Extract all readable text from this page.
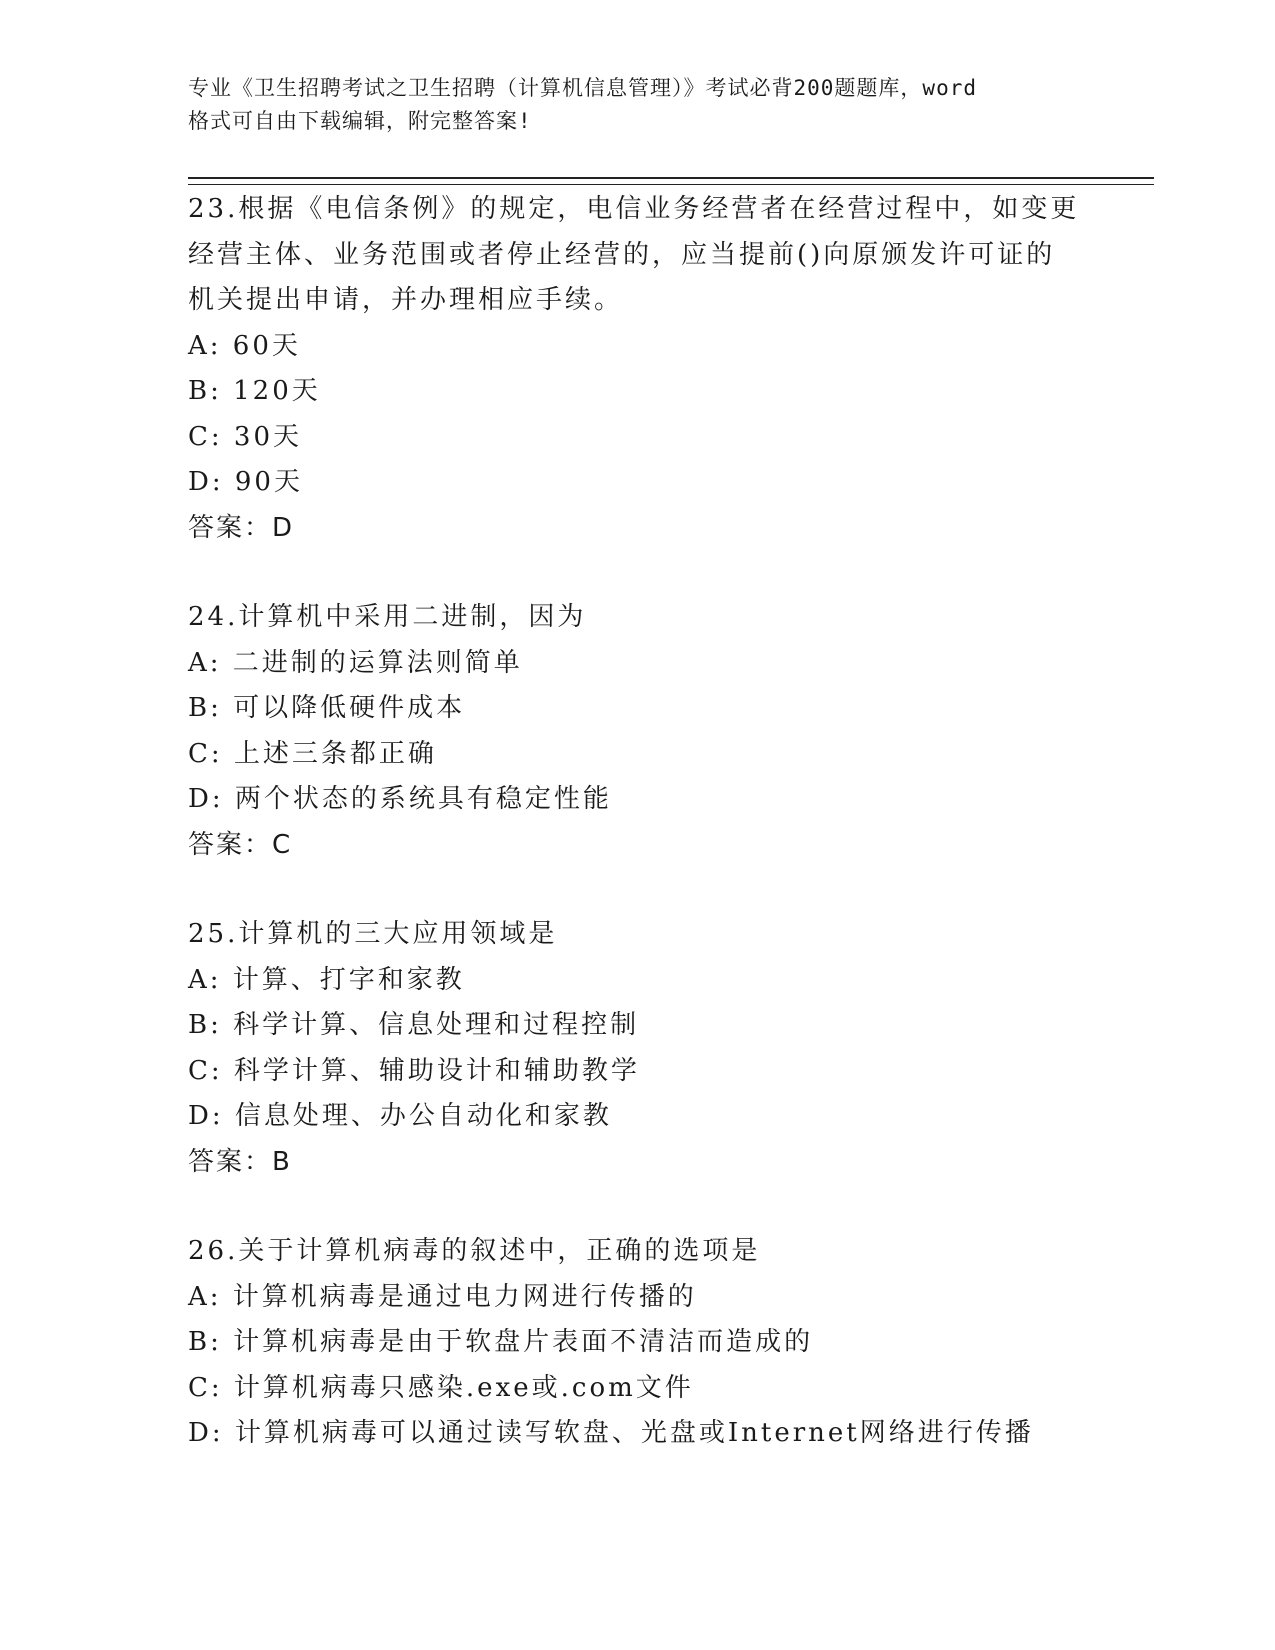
专业《卫生招聘考试之卫生招聘（计算机信息管理）》考试必背200题题库，word
格式可自由下载编辑，附完整答案!
23.根据《电信条例》的规定，电信业务经营者在经营过程中，如变更
经营主体、业务范围或者停止经营的，应当提前()向原颁发许可证的
机关提出申请，并办理相应手续。
A: 60天
B: 120天
C: 30天
D: 90天
答案：D
24.计算机中采用二进制，因为
A: 二进制的运算法则简单
B: 可以降低硬件成本
C: 上述三条都正确
D: 两个状态的系统具有稳定性能
答案：C
25.计算机的三大应用领域是
A: 计算、打字和家教
B: 科学计算、信息处理和过程控制
C: 科学计算、辅助设计和辅助教学
D: 信息处理、办公自动化和家教
答案：B
26.关于计算机病毒的叙述中，正确的选项是
A: 计算机病毒是通过电力网进行传播的
B: 计算机病毒是由于软盘片表面不清洁而造成的
C: 计算机病毒只感染.exe或.com文件
D: 计算机病毒可以通过读写软盘、光盘或Internet网络进行传播
